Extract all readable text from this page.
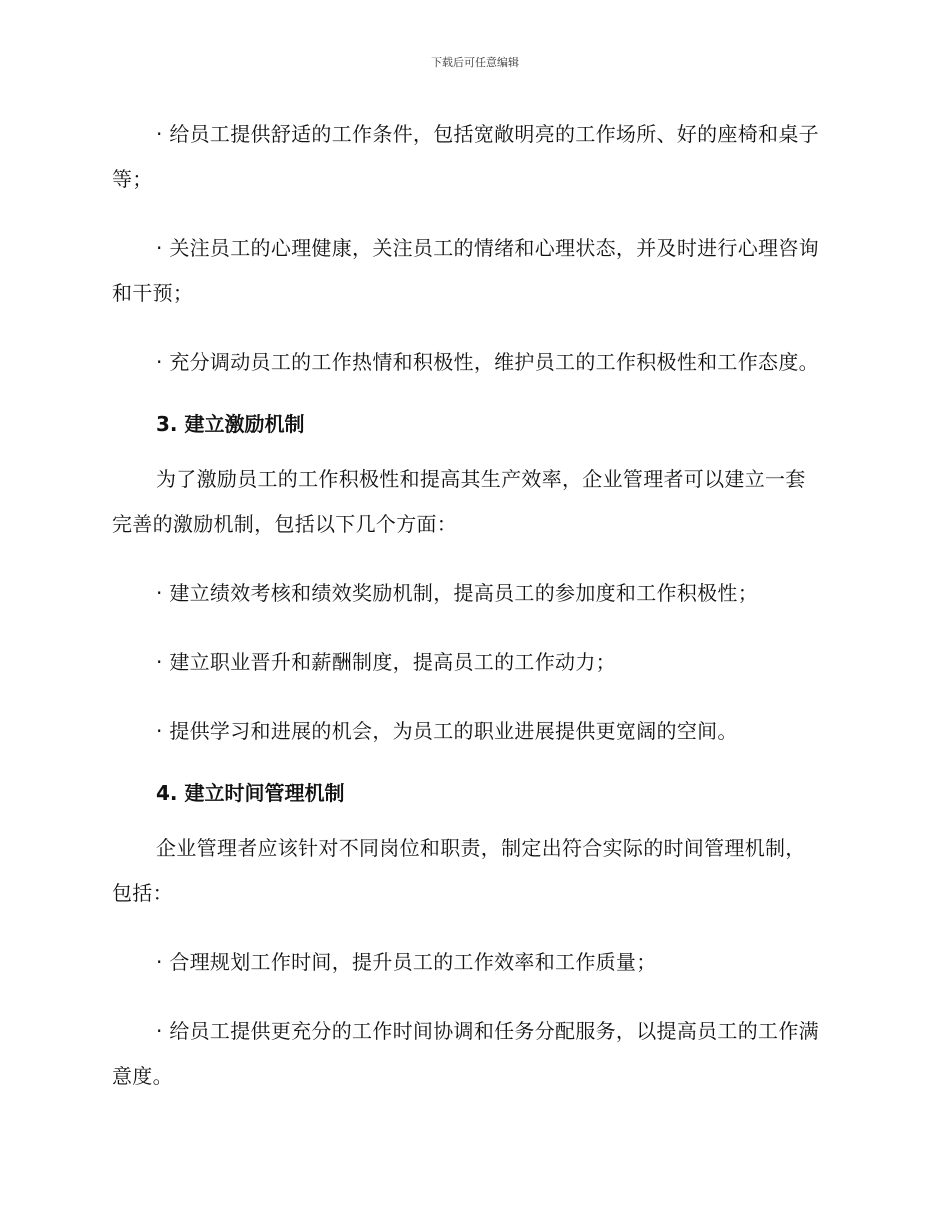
下载后可任意编辑

· 给员工提供舒适的工作条件，包括宽敞明亮的工作场所、好的座椅和桌子等；

· 关注员工的心理健康，关注员工的情绪和心理状态，并及时进行心理咨询和干预；

· 充分调动员工的工作热情和积极性，维护员工的工作积极性和工作态度。

3. 建立激励机制

为了激励员工的工作积极性和提高其生产效率，企业管理者可以建立一套完善的激励机制，包括以下几个方面：

· 建立绩效考核和绩效奖励机制，提高员工的参加度和工作积极性；

· 建立职业晋升和薪酬制度，提高员工的工作动力；

· 提供学习和进展的机会，为员工的职业进展提供更宽阔的空间。

4. 建立时间管理机制

企业管理者应该针对不同岗位和职责，制定出符合实际的时间管理机制，包括：

· 合理规划工作时间，提升员工的工作效率和工作质量；

· 给员工提供更充分的工作时间协调和任务分配服务，以提高员工的工作满意度。
